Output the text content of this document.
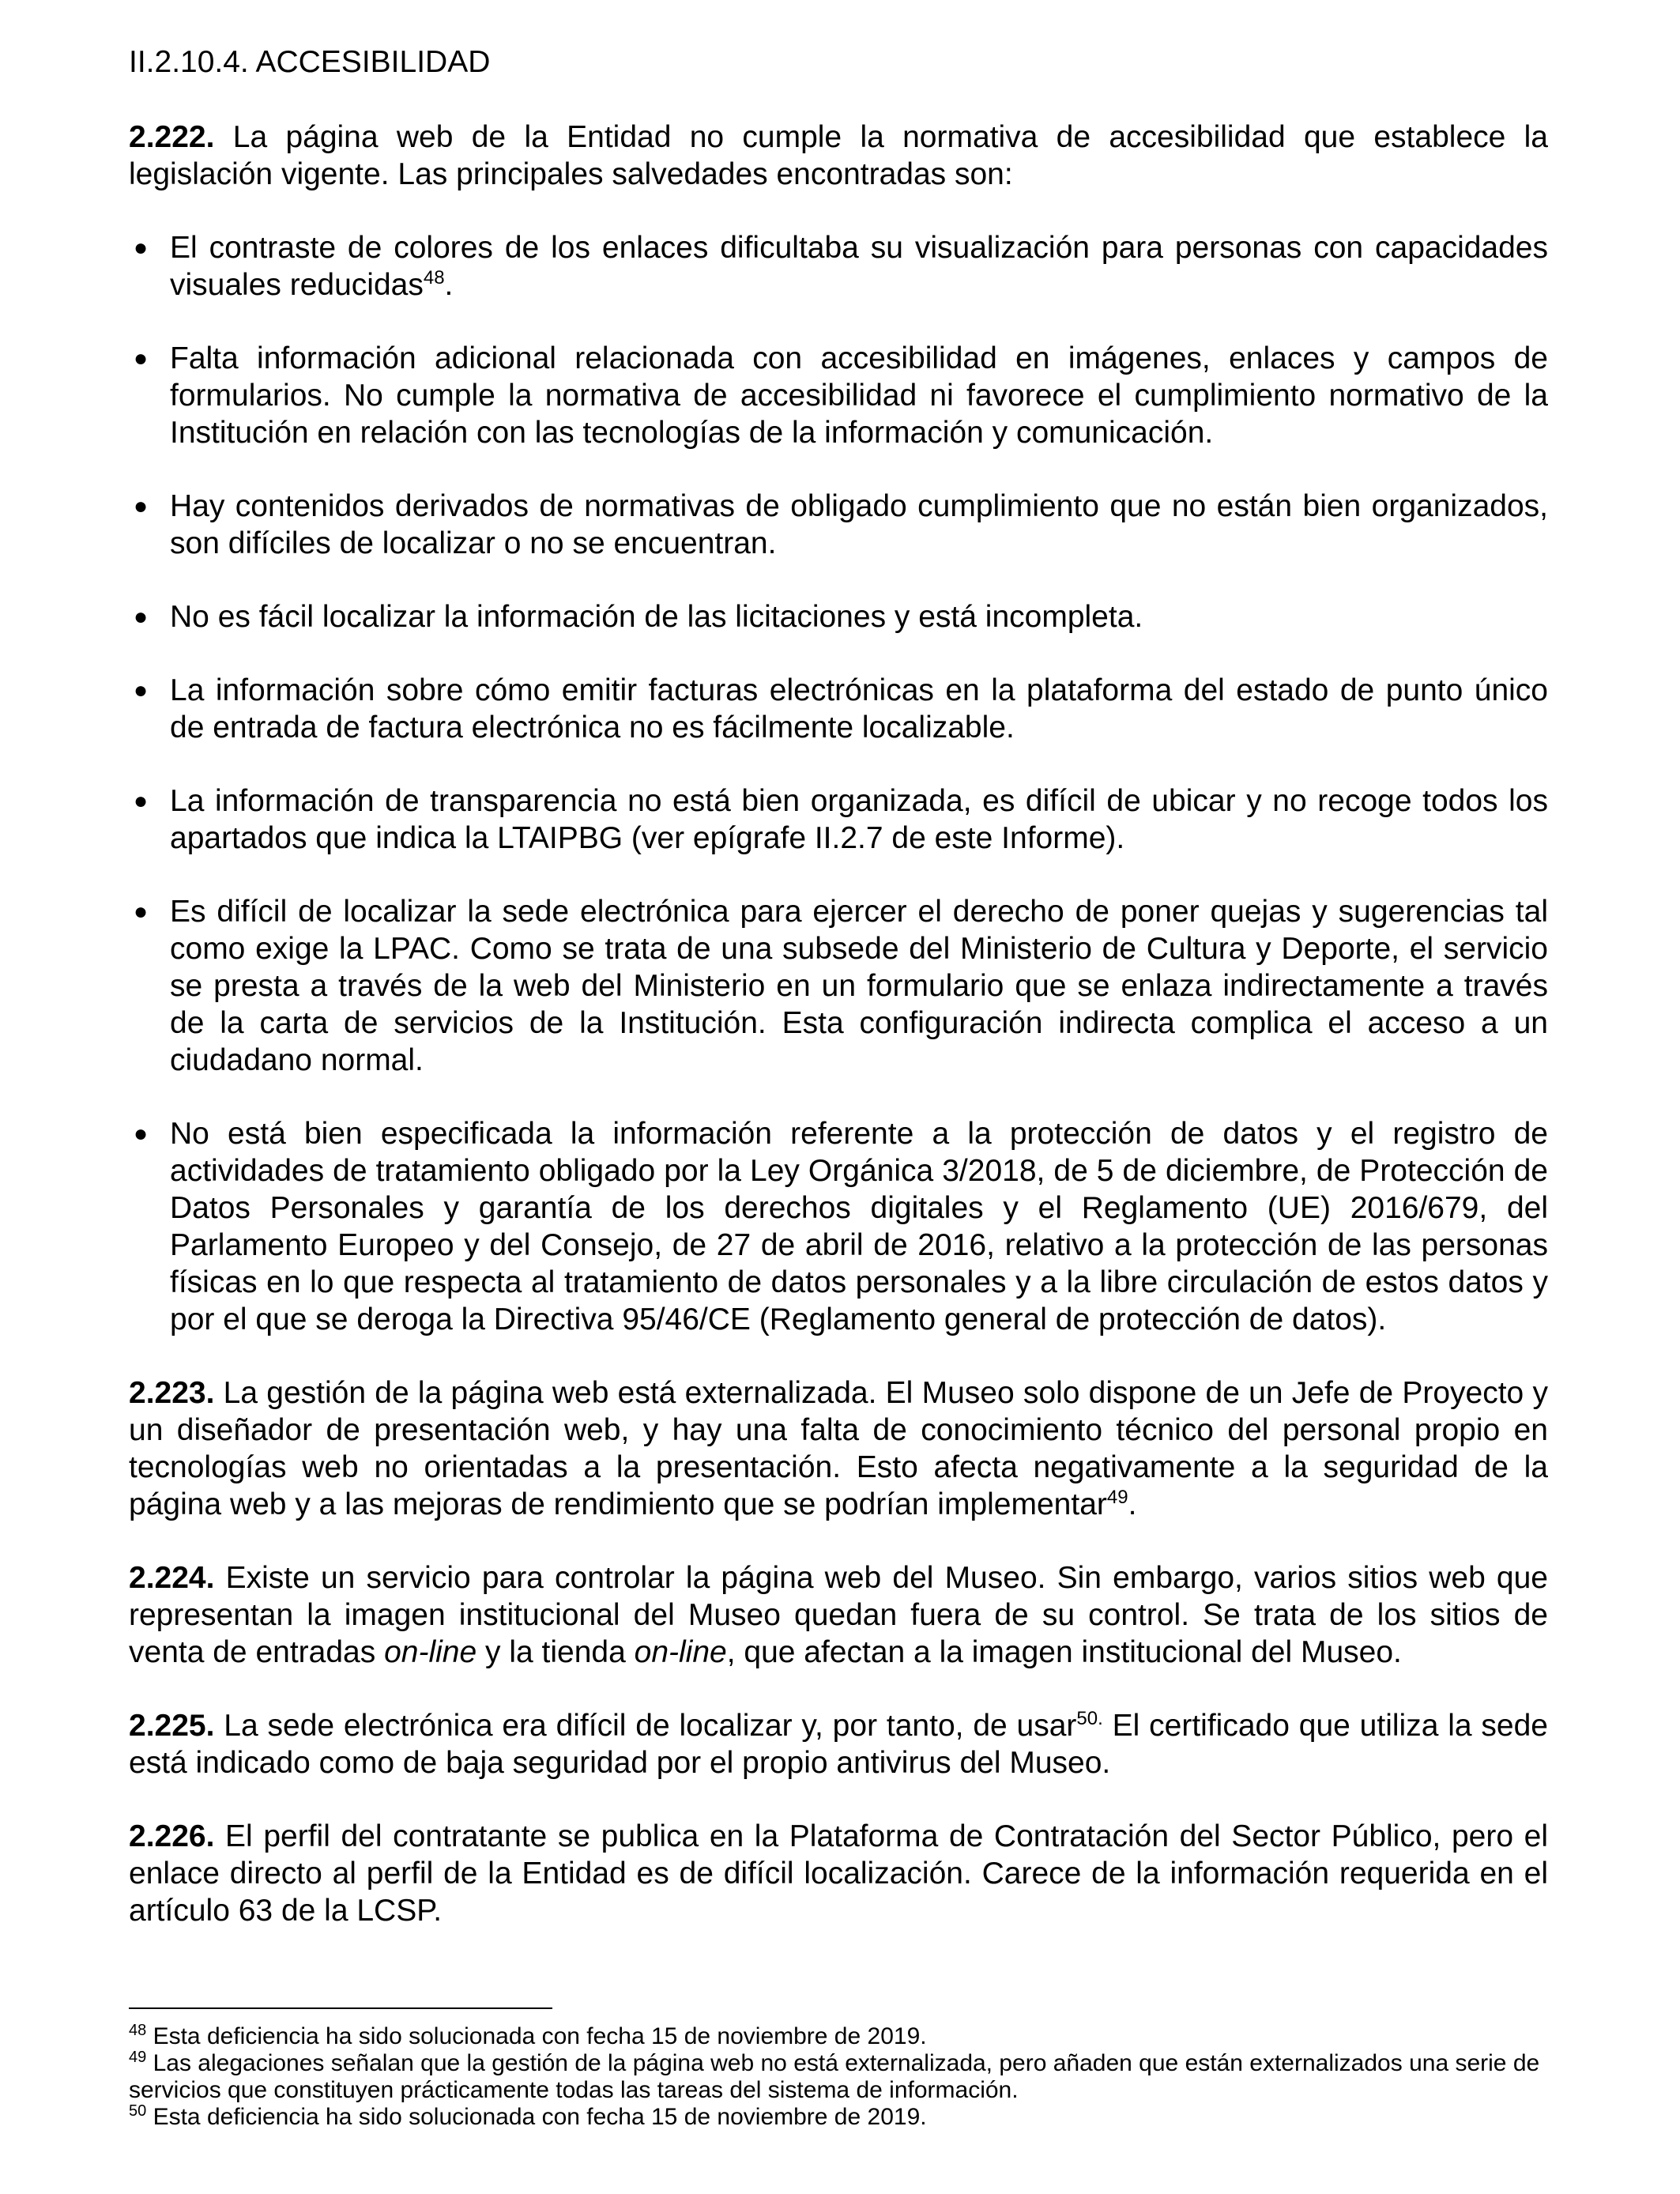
II.2.10.4. ACCESIBILIDAD

2.222. La página web de la Entidad no cumple la normativa de accesibilidad que establece la legislación vigente. Las principales salvedades encontradas son:

● El contraste de colores de los enlaces dificultaba su visualización para personas con capacidades visuales reducidas$^{48}$.
● Falta información adicional relacionada con accesibilidad en imágenes, enlaces y campos de formularios. No cumple la normativa de accesibilidad ni favorece el cumplimiento normativo de la Institución en relación con las tecnologías de la información y comunicación.
● Hay contenidos derivados de normativas de obligado cumplimiento que no están bien organizados, son difíciles de localizar o no se encuentran.
● No es fácil localizar la información de las licitaciones y está incompleta.
● La información sobre cómo emitir facturas electrónicas en la plataforma del estado de punto único de entrada de factura electrónica no es fácilmente localizable.
● La información de transparencia no está bien organizada, es difícil de ubicar y no recoge todos los apartados que indica la LTAIPBG (ver epígrafe II.2.7 de este Informe).
● Es difícil de localizar la sede electrónica para ejercer el derecho de poner quejas y sugerencias tal como exige la LPAC. Como se trata de una subsede del Ministerio de Cultura y Deporte, el servicio se presta a través de la web del Ministerio en un formulario que se enlaza indirectamente a través de la carta de servicios de la Institución. Esta configuración indirecta complica el acceso a un ciudadano normal.
● No está bien especificada la información referente a la protección de datos y el registro de actividades de tratamiento obligado por la Ley Orgánica 3/2018, de 5 de diciembre, de Protección de Datos Personales y garantía de los derechos digitales y el Reglamento (UE) 2016/679, del Parlamento Europeo y del Consejo, de 27 de abril de 2016, relativo a la protección de las personas físicas en lo que respecta al tratamiento de datos personales y a la libre circulación de estos datos y por el que se deroga la Directiva 95/46/CE (Reglamento general de protección de datos).

2.223. La gestión de la página web está externalizada. El Museo solo dispone de un Jefe de Proyecto y un diseñador de presentación web, y hay una falta de conocimiento técnico del personal propio en tecnologías web no orientadas a la presentación. Esto afecta negativamente a la seguridad de la página web y a las mejoras de rendimiento que se podrían implementar$^{49}$.

2.224. Existe un servicio para controlar la página web del Museo. Sin embargo, varios sitios web que representan la imagen institucional del Museo quedan fuera de su control. Se trata de los sitios de venta de entradas on-line y la tienda on-line, que afectan a la imagen institucional del Museo.

2.225. La sede electrónica era difícil de localizar y, por tanto, de usar$^{50.}$ El certificado que utiliza la sede está indicado como de baja seguridad por el propio antivirus del Museo.

2.226. El perfil del contratante se publica en la Plataforma de Contratación del Sector Público, pero el enlace directo al perfil de la Entidad es de difícil localización. Carece de la información requerida en el artículo 63 de la LCSP.

$^{48}$ Esta deficiencia ha sido solucionada con fecha 15 de noviembre de 2019.

$^{49}$ Las alegaciones señalan que la gestión de la página web no está externalizada, pero añaden que están externalizados una serie de servicios que constituyen prácticamente todas las tareas del sistema de información.

$^{50}$ Esta deficiencia ha sido solucionada con fecha 15 de noviembre de 2019.
